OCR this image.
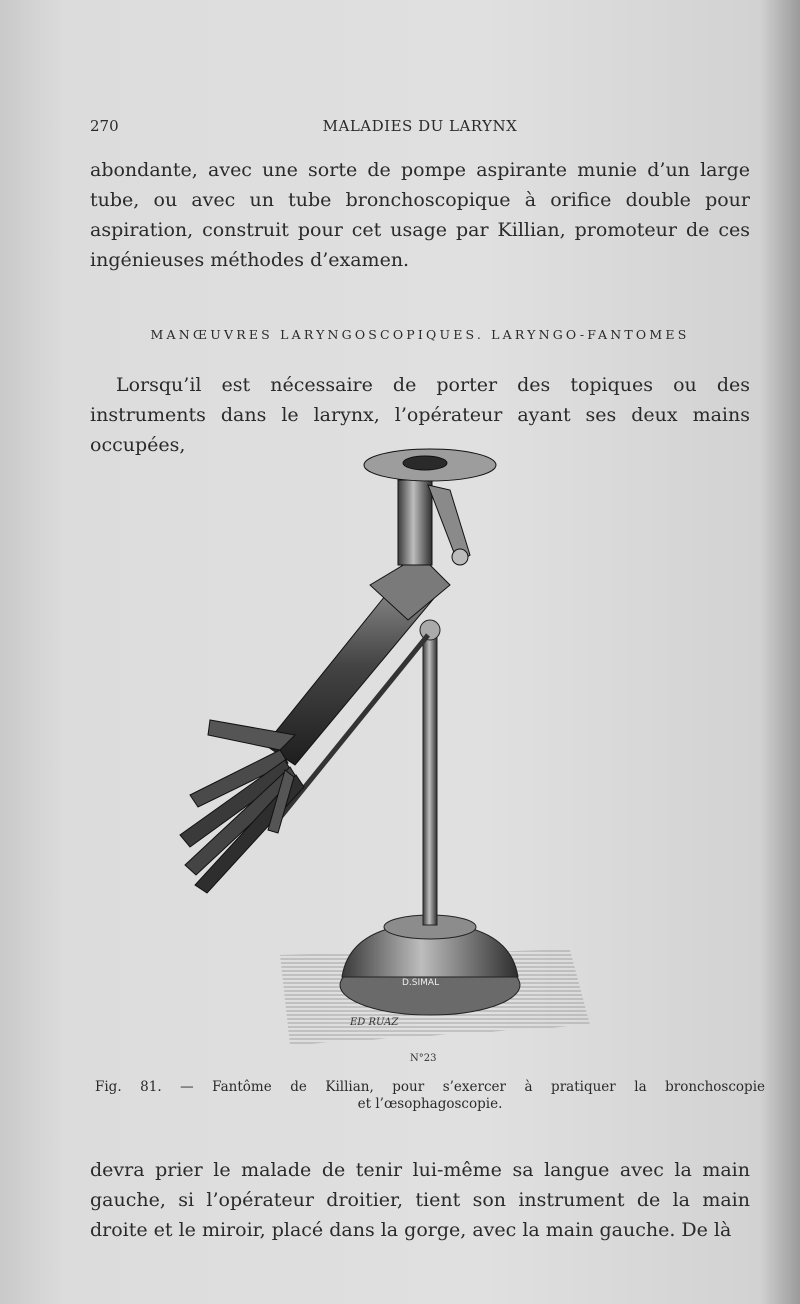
270	MALADIES DU LARYNX

abondante, avec une sorte de pompe aspirante munie d’un large tube, ou avec un tube bronchoscopique à orifice double pour aspiration, construit pour cet usage par Killian, promoteur de ces ingénieuses méthodes d’examen.

MANŒUVRES LARYNGOSCOPIQUES. LARYNGO-FANTOMES

Lorsqu’il est nécessaire de porter des topiques ou des instruments dans le larynx, l’opérateur ayant ses deux mains occupées,

D.SIMAL
ED RUAZ
N°23
Fig. 81. — Fantôme de Killian, pour s’exercer à pratiquer la bronchoscopie
et l’œsophagoscopie.

devra prier le malade de tenir lui-même sa langue avec la main gauche, si l’opérateur droitier, tient son instrument de la main droite et le miroir, placé dans la gorge, avec la main gauche. De là
